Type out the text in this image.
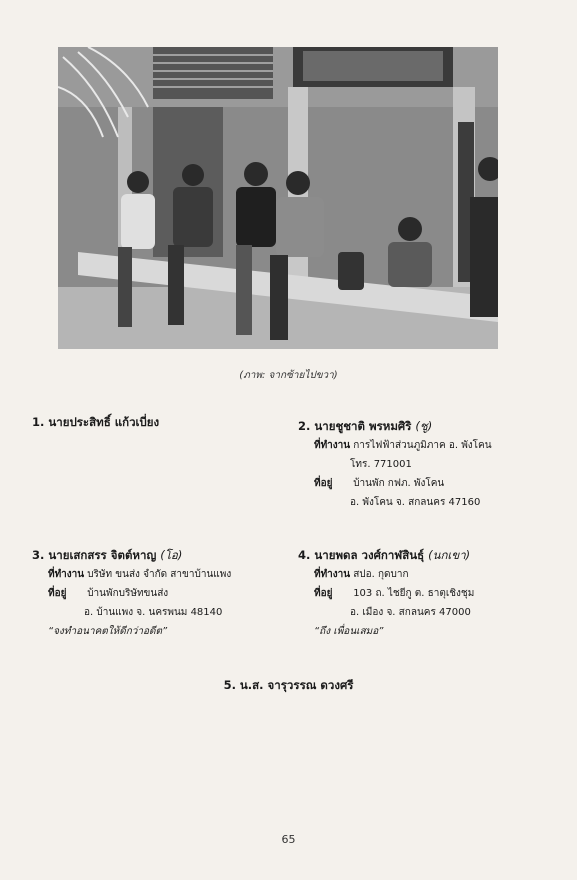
(ภาพ: จากซ้ายไปขวา)
1. นายประสิทธิ์ แก้วเบี่ยง	2. นายชูชาติ พรหมศิริ (ชู)
ที่ทำงาน การไฟฟ้าส่วนภูมิภาค อ. พังโคน
โทร. 771001
ที่อยู่ บ้านพัก กฟภ. พังโคน
อ. พังโคน จ. สกลนคร 47160
3. นายเสกสรร จิตต์หาญ (โอ)
ที่ทำงาน บริษัท ขนส่ง จำกัด สาขาบ้านแพง
ที่อยู่ บ้านพักบริษัทขนส่ง
อ. บ้านแพง จ. นครพนม 48140
“จงทำอนาคตให้ดีกว่าอดีต”
4. นายพดล วงศ์กาฬสินธุ์ (นกเขา)
ที่ทำงาน สปอ. กุดบาก
ที่อยู่ 103 ถ. ไชยีกู ต. ธาตุเชิงชุม
อ. เมือง จ. สกลนคร 47000
“ถึง เพื่อนเสมอ”
5. น.ส. จารุวรรณ ดวงศรี
65
